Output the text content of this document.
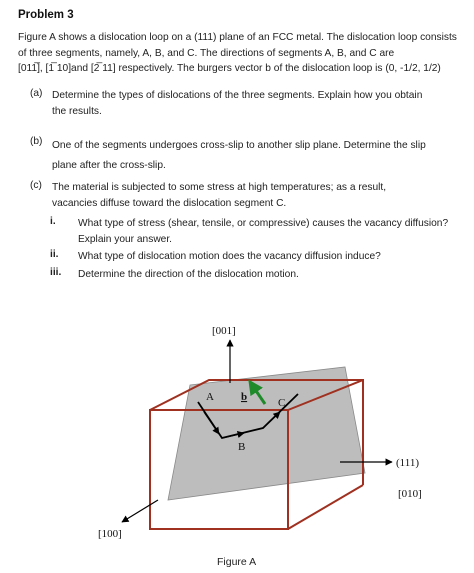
Problem 3
Figure A shows a dislocation loop on a (111) plane of an FCC metal. The dislocation loop consists
of three segments, namely, A, B, and C. The directions of segments A, B, and C are
[011̅], [1̅ 10]and [2̅ 11] respectively. The burgers vector b of the dislocation loop is (0, -1/2, 1/2)
(a) Determine the types of dislocations of the three segments. Explain how you obtain
the results.
(b) One of the segments undergoes cross-slip to another slip plane. Determine the slip
plane after the cross-slip.
(c) The material is subjected to some stress at high temperatures; as a result,
vacancies diffuse toward the dislocation segment C.
i. What type of stress (shear, tensile, or compressive) causes the vacancy diffusion?
Explain your answer.
ii. What type of dislocation motion does the vacancy diffusion induce?
iii. Determine the direction of the dislocation motion.
[001]
[010]
[100]
(111)
A
B
C
b
Figure A
